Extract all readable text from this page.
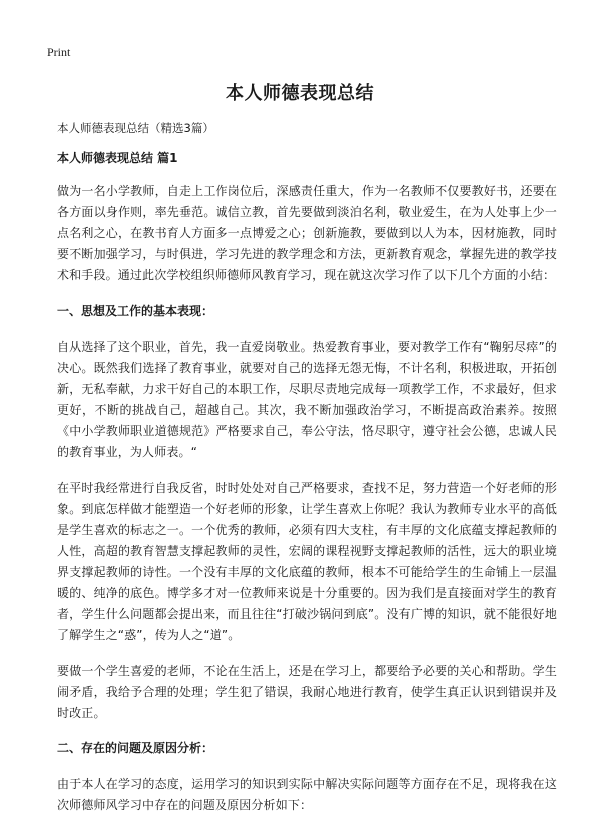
Print
本人师德表现总结
本人师德表现总结（精选3篇）
本人师德表现总结 篇1

做为一名小学教师，自走上工作岗位后，深感责任重大，作为一名教师不仅要教好书，还要在各方面以身作则，率先垂范。诚信立教，首先要做到淡泊名利，敬业爱生，在为人处事上少一点名利之心，在教书育人方面多一点博爱之心；创新施教，要做到以人为本，因材施教，同时要不断加强学习，与时俱进，学习先进的教学理念和方法，更新教育观念，掌握先进的教学技术和手段。通过此次学校组织师德师风教育学习，现在就这次学习作了以下几个方面的小结：

一、思想及工作的基本表现：

自从选择了这个职业，首先，我一直爱岗敬业。热爱教育事业，要对教学工作有“鞠躬尽瘁”的决心。既然我们选择了教育事业，就要对自己的选择无怨无悔，不计名利，积极进取，开拓创新，无私奉献，力求干好自己的本职工作，尽职尽责地完成每一项教学工作，不求最好，但求更好，不断的挑战自己，超越自己。其次，我不断加强政治学习，不断提高政治素养。按照《中小学教师职业道德规范》严格要求自己，奉公守法，恪尽职守，遵守社会公德，忠诚人民的教育事业，为人师表。“

在平时我经常进行自我反省，时时处处对自己严格要求，查找不足，努力营造一个好老师的形象。到底怎样做才能塑造一个好老师的形象，让学生喜欢上你呢？我认为教师专业水平的高低是学生喜欢的标志之一。一个优秀的教师，必须有四大支柱，有丰厚的文化底蕴支撑起教师的人性，高超的教育智慧支撑起教师的灵性，宏阔的课程视野支撑起教师的活性，远大的职业境界支撑起教师的诗性。一个没有丰厚的文化底蕴的教师，根本不可能给学生的生命铺上一层温暖的、纯净的底色。博学多才对一位教师来说是十分重要的。因为我们是直接面对学生的教育者，学生什么问题都会提出来，而且往往“打破沙锅问到底”。没有广博的知识，就不能很好地了解学生之“惑”，传为人之“道”。

要做一个学生喜爱的老师，不论在生活上，还是在学习上，都要给予必要的关心和帮助。学生闹矛盾，我给予合理的处理；学生犯了错误，我耐心地进行教育，使学生真正认识到错误并及时改正。

二、存在的问题及原因分析：

由于本人在学习的态度，运用学习的知识到实际中解决实际问题等方面存在不足，现将我在这次师德师风学习中存在的问题及原因分析如下：
